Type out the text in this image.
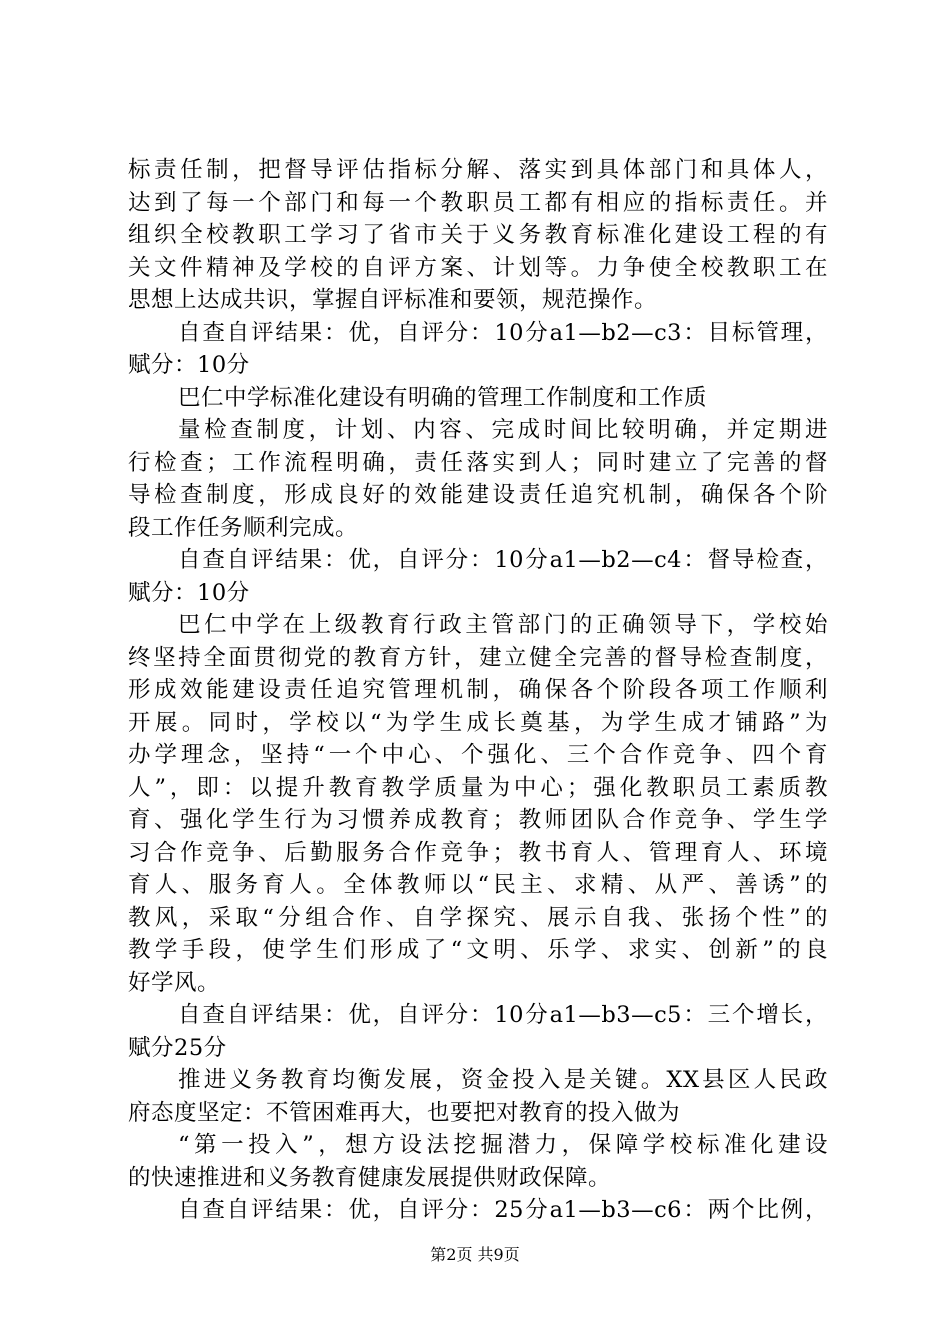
标责任制，把督导评估指标分解、落实到具体部门和具体人，
达到了每一个部门和每一个教职员工都有相应的指标责任。并
组织全校教职工学习了省市关于义务教育标准化建设工程的有
关文件精神及学校的自评方案、计划等。力争使全校教职工在
思想上达成共识，掌握自评标准和要领，规范操作。
自查自评结果：优，自评分：10分a1—b2—c3：目标管理，
赋分：10分
巴仁中学标准化建设有明确的管理工作制度和工作质
量检查制度，计划、内容、完成时间比较明确，并定期进
行检查；工作流程明确，责任落实到人；同时建立了完善的督
导检查制度，形成良好的效能建设责任追究机制，确保各个阶
段工作任务顺利完成。
自查自评结果：优，自评分：10分a1—b2—c4：督导检查，
赋分：10分
巴仁中学在上级教育行政主管部门的正确领导下，学校始
终坚持全面贯彻党的教育方针，建立健全完善的督导检查制度，
形成效能建设责任追究管理机制，确保各个阶段各项工作顺利
开展。同时，学校以“为学生成长奠基，为学生成才铺路”为
办学理念，坚持“一个中心、个强化、三个合作竞争、四个育
人”，即：以提升教育教学质量为中心；强化教职员工素质教
育、强化学生行为习惯养成教育；教师团队合作竞争、学生学
习合作竞争、后勤服务合作竞争；教书育人、管理育人、环境
育人、服务育人。全体教师以“民主、求精、从严、善诱”的
教风，采取“分组合作、自学探究、展示自我、张扬个性”的
教学手段，使学生们形成了“文明、乐学、求实、创新”的良
好学风。
自查自评结果：优，自评分：10分a1—b3—c5：三个增长，
赋分25分
推进义务教育均衡发展，资金投入是关键。XX县区人民政
府态度坚定：不管困难再大，也要把对教育的投入做为
“第一投入”，想方设法挖掘潜力，保障学校标准化建设
的快速推进和义务教育健康发展提供财政保障。
自查自评结果：优，自评分：25分a1—b3—c6：两个比例，
第2页 共9页
